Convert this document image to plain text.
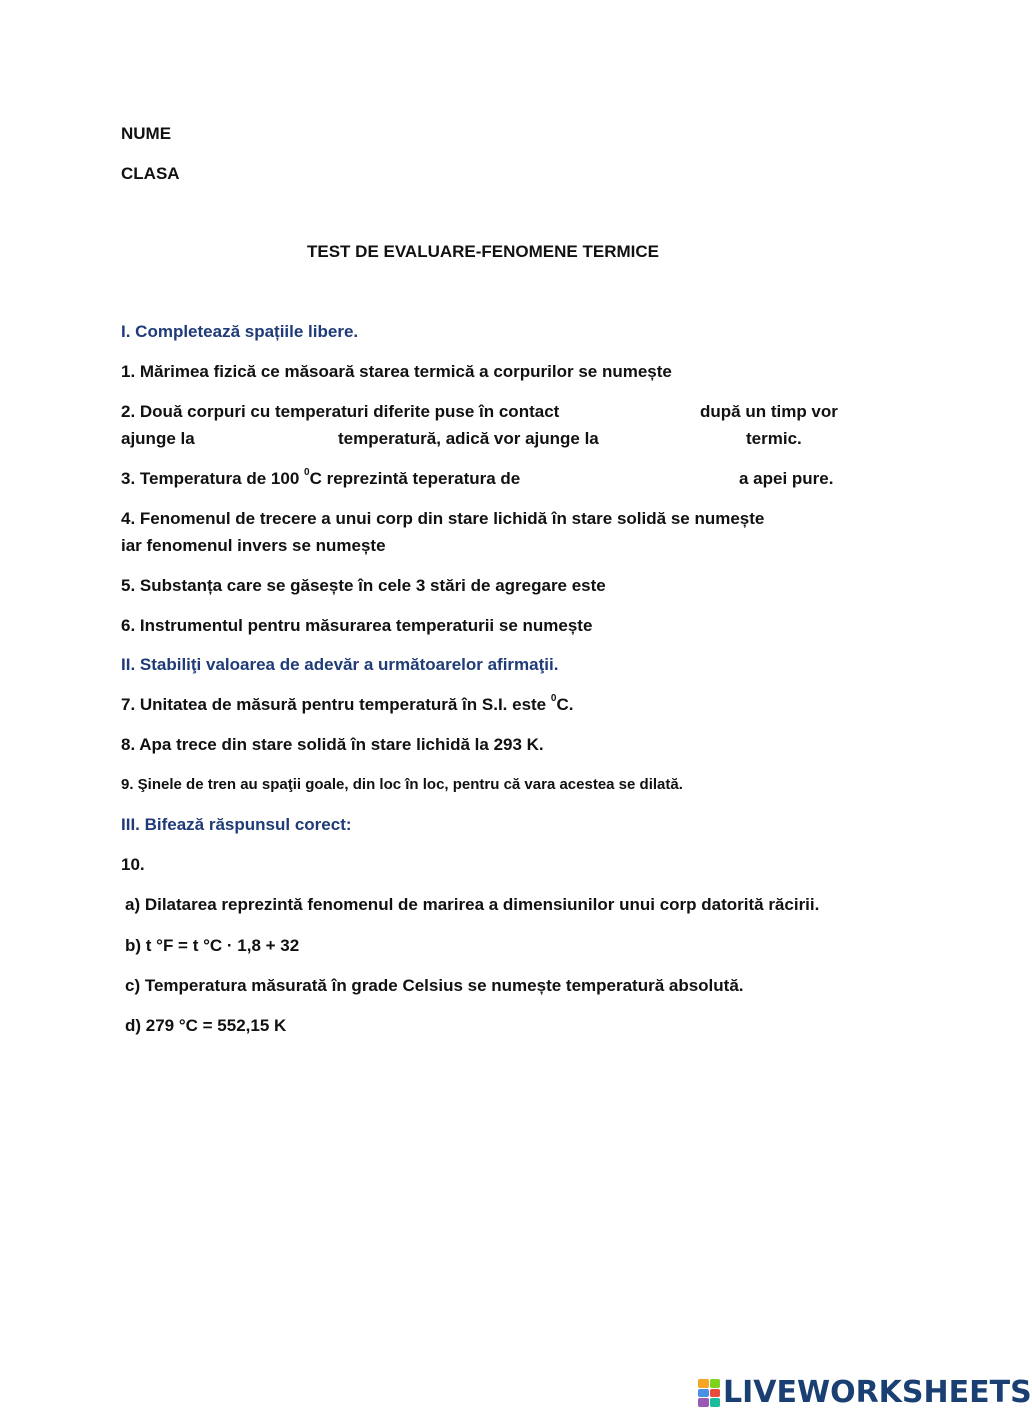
NUME
CLASA
TEST DE EVALUARE-FENOMENE TERMICE
I. Completează spațiile libere.
1. Mărimea fizică ce măsoară starea termică a corpurilor se numește
2. Două corpuri cu temperaturi diferite puse în contact	după un timp vor
ajunge la	temperatură, adică vor ajunge la	termic.
3. Temperatura de 100 $^0$C reprezintă teperatura de	a apei pure.
4. Fenomenul de trecere a unui corp din stare lichidă în stare solidă se numește
iar fenomenul invers se numește
5. Substanța care se găsește în cele 3 stări de agregare este
6. Instrumentul pentru măsurarea temperaturii se numește
II. Stabiliţi valoarea de adevăr a următoarelor afirmaţii.
7. Unitatea de măsură pentru temperatură în S.I. este $^0$C.
8. Apa trece din stare solidă în stare lichidă la 293 K.
9. Şinele de tren au spaţii goale, din loc în loc, pentru că vara acestea se dilată.
III. Bifează răspunsul corect:
10.
a) Dilatarea reprezintă fenomenul de marirea a dimensiunilor unui corp datorită răcirii.
b) t °F = t °C · 1,8 + 32
c) Temperatura măsurată în grade Celsius se numește temperatură absolută.
d) 279 °C = 552,15 K
LIVEWORKSHEETS
